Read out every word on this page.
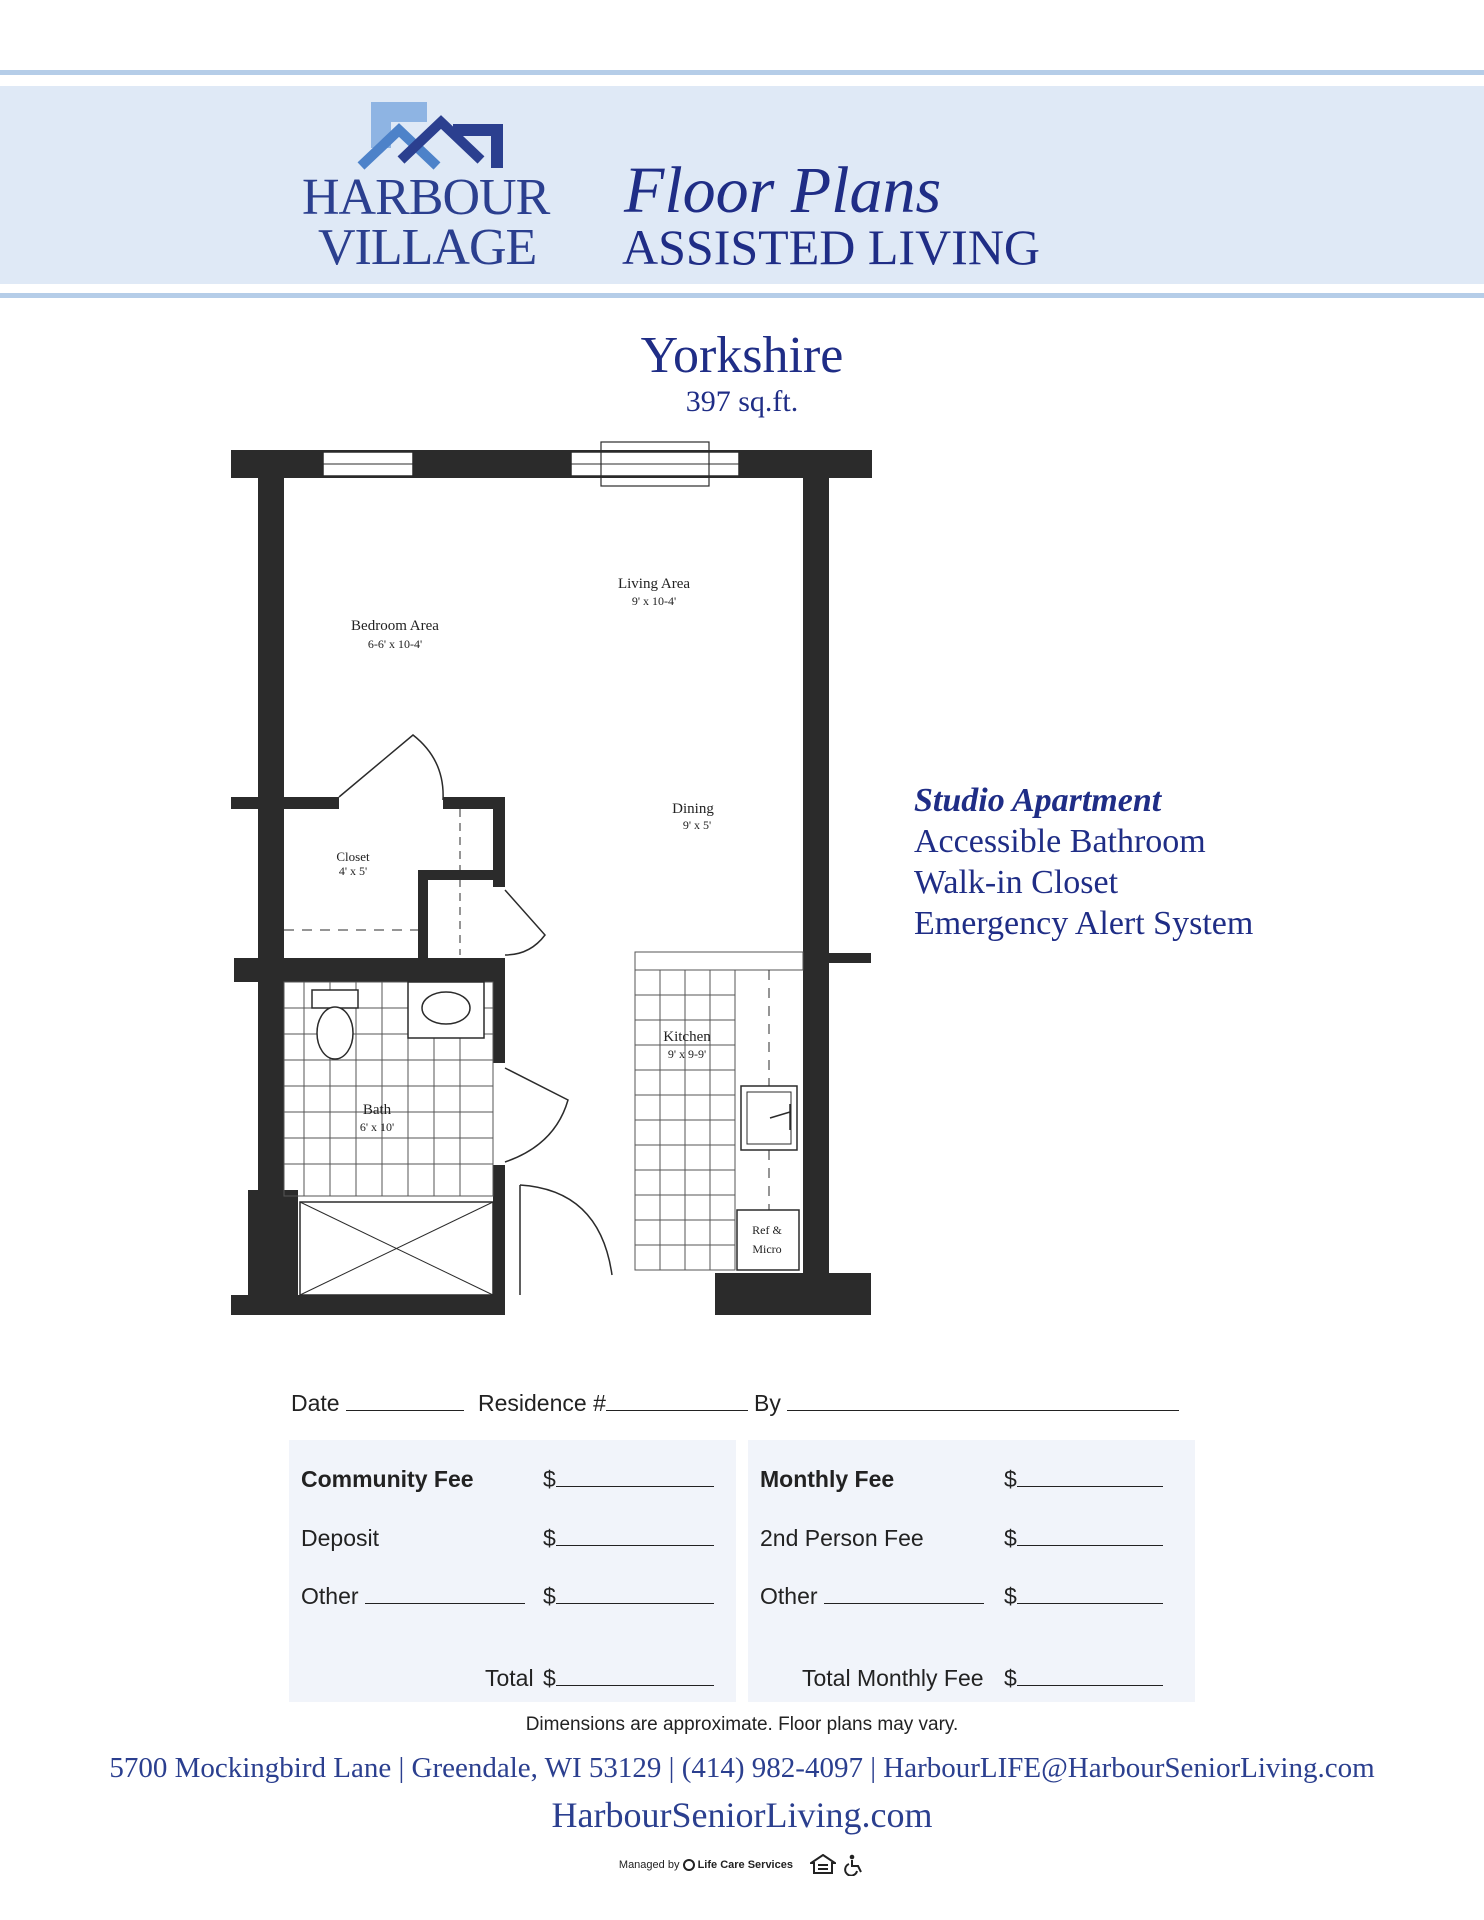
HARBOUR
VILLAGE
Floor Plans
ASSISTED LIVING
Yorkshire
397 sq.ft.
Living Area
9' x 10-4'
Bedroom Area
6-6' x 10-4'
Dining
9' x 5'
Closet
4' x 5'
Kitchen
9' x 9-9'
Bath
6' x 10'
Ref &
Micro
Studio Apartment
Accessible Bathroom
Walk-in Closet
Emergency Alert System
Date	Residence #	By
Community Fee	$
Deposit	$
Other	$
Total $
Monthly Fee	$
2nd Person Fee	$
Other	$
Total Monthly Fee $
Dimensions are approximate. Floor plans may vary.
5700 Mockingbird Lane | Greendale, WI 53129 | (414) 982-4097 | HarbourLIFE@HarbourSeniorLiving.com
HarbourSeniorLiving.com
Managed by Life Care Services
